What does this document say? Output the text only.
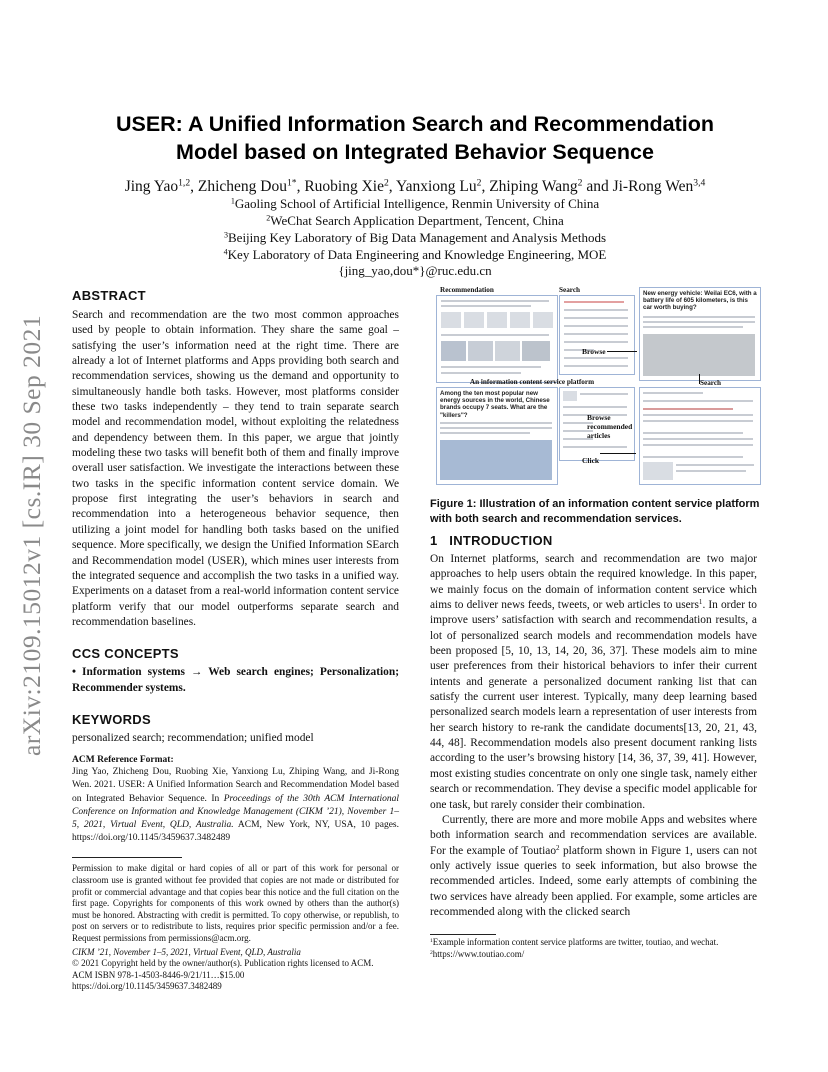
arXiv:2109.15012v1 [cs.IR] 30 Sep 2021
USER: A Unified Information Search and Recommendation
Model based on Integrated Behavior Sequence
Jing Yao$^{1,2}$, Zhicheng Dou$^{1*}$, Ruobing Xie$^2$, Yanxiong Lu$^2$, Zhiping Wang$^2$ and Ji-Rong Wen$^{3,4}$
$^1$Gaoling School of Artificial Intelligence, Renmin University of China
$^2$WeChat Search Application Department, Tencent, China
$^3$Beijing Key Laboratory of Big Data Management and Analysis Methods
$^4$Key Laboratory of Data Engineering and Knowledge Engineering, MOE
{jing_yao,dou*}@ruc.edu.cn
ABSTRACT

Search and recommendation are the two most common approaches used by people to obtain information. They share the same goal – satisfying the user’s information need at the right time. There are already a lot of Internet platforms and Apps providing both search and recommendation services, showing us the demand and opportunity to simultaneously handle both tasks. However, most platforms consider these two tasks independently – they tend to train separate search model and recommendation model, without exploiting the relatedness and dependency between them. In this paper, we argue that jointly modeling these two tasks will benefit both of them and finally improve overall user satisfaction. We investigate the interactions between these two tasks in the specific information content service domain. We propose first integrating the user’s behaviors in search and recommendation into a heterogeneous behavior sequence, then utilizing a joint model for handling both tasks based on the unified sequence. More specifically, we design the Unified Information SEarch and Recommendation model (USER), which mines user interests from the integrated sequence and accomplish the two tasks in a unified way. Experiments on a dataset from a real-world information content service platform verify that our model outperforms separate search and recommendation baselines.

CCS CONCEPTS

• Information systems → Web search engines; Personalization; Recommender systems.

KEYWORDS

personalized search; recommendation; unified model

ACM Reference Format:

Jing Yao, Zhicheng Dou, Ruobing Xie, Yanxiong Lu, Zhiping Wang, and Ji-Rong Wen. 2021. USER: A Unified Information Search and Recommendation Model based on Integrated Behavior Sequence. In Proceedings of the 30th ACM International Conference on Information and Knowledge Management (CIKM ’21), November 1–5, 2021, Virtual Event, QLD, Australia. ACM, New York, NY, USA, 10 pages. https://doi.org/10.1145/3459637.3482489

Permission to make digital or hard copies of all or part of this work for personal or classroom use is granted without fee provided that copies are not made or distributed for profit or commercial advantage and that copies bear this notice and the full citation on the first page. Copyrights for components of this work owned by others than the author(s) must be honored. Abstracting with credit is permitted. To copy otherwise, or republish, to post on servers or to redistribute to lists, requires prior specific permission and/or a fee. Request permissions from permissions@acm.org.

CIKM ’21, November 1–5, 2021, Virtual Event, QLD, Australia

© 2021 Copyright held by the owner/author(s). Publication rights licensed to ACM.

ACM ISBN 978-1-4503-8446-9/21/11…$15.00

https://doi.org/10.1145/3459637.3482489

Recommendation	Search
Browse
New energy vehicle: Weilai EC6, with a battery life of 605 kilometers, is this car worth buying?
An information content service platform	Search
Among the ten most popular new energy sources in the world, Chinese brands occupy 7 seats. What are the "killers"?	Browse
recommended
articles
Click
Figure 1: Illustration of an information content service platform with both search and recommendation services.
1 INTRODUCTION

On Internet platforms, search and recommendation are two major approaches to help users obtain the required knowledge. In this paper, we mainly focus on the domain of information content service which aims to deliver news feeds, tweets, or web articles to users$^1$. In order to improve users’ satisfaction with search and recommendation results, a lot of personalized search models and recommendation models have been proposed [5, 10, 13, 14, 20, 36, 37]. These models aim to mine user preferences from their historical behaviors to infer their current intents and generate a personalized document ranking list that can satisfy the current user interest. Typically, many deep learning based personalized search models learn a representation of user interests from her search history to re-rank the candidate documents[13, 20, 21, 43, 44, 48]. Recommendation models also present document ranking lists according to the user’s browsing history [14, 36, 37, 39, 41]. However, most existing studies concentrate on only one single task, namely either search or recommendation. They devise a specific model applicable for one task, but rarely consider their combination.

Currently, there are more and more mobile Apps and websites where both information search and recommendation services are available. For the example of Toutiao$^2$ platform shown in Figure 1, users can not only actively issue queries to seek information, but also browse the recommended articles. Indeed, some early attempts of combining the two services have already been applied. For example, some articles are recommended along with the clicked search

$^1$Example information content service platforms are twitter, toutiao, and wechat.

$^2$https://www.toutiao.com/
